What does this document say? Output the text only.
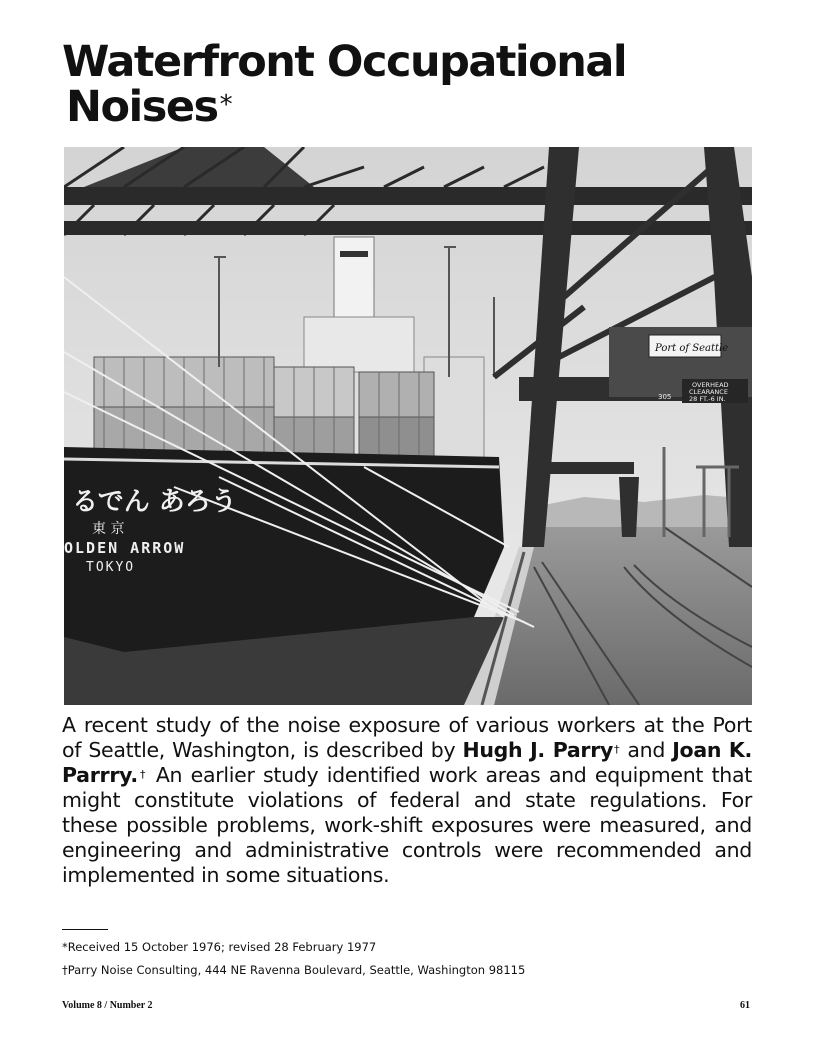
Waterfront Occupational
Noises*
るでん あろう
東 京
OLDEN ARROW
TOKYO
Port of Seattle
OVERHEAD
CLEARANCE
28 FT.-6 IN.
305

A recent study of the noise exposure of various workers at the Port of Seattle, Washington, is described by Hugh J. Parry† and Joan K. Parrry.† An earlier study identified work areas and equipment that might constitute violations of federal and state regulations. For these possible problems, work-shift exposures were measured, and engineering and administrative controls were recommended and implemented in some situations.

*Received 15 October 1976; revised 28 February 1977

†Parry Noise Consulting, 444 NE Ravenna Boulevard, Seattle, Washington 98115

Volume 8 / Number 2	61
